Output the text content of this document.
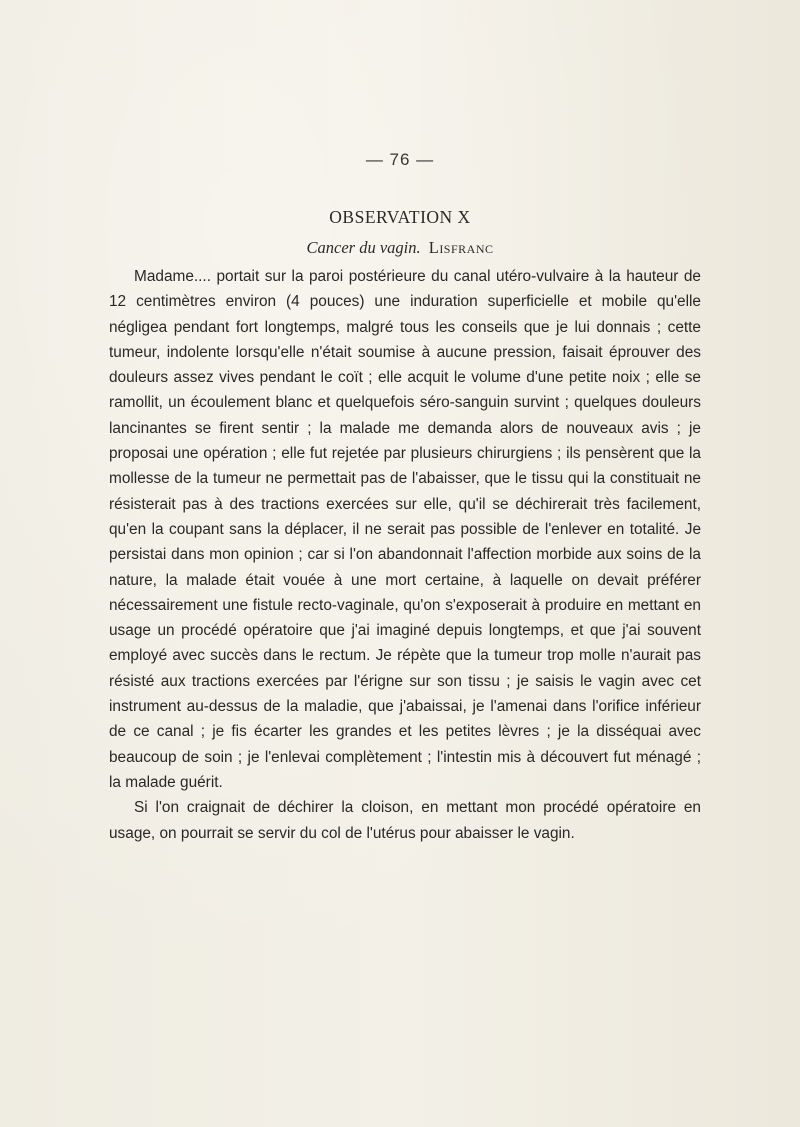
— 76 —
OBSERVATION X
Cancer du vagin. Lisfranc

Madame.... portait sur la paroi postérieure du canal utéro-vulvaire à la hauteur de 12 centimètres environ (4 pouces) une induration superficielle et mobile qu'elle négligea pendant fort longtemps, malgré tous les conseils que je lui donnais ; cette tumeur, indolente lorsqu'elle n'était soumise à aucune pression, faisait éprouver des douleurs assez vives pendant le coït ; elle acquit le volume d'une petite noix ; elle se ramollit, un écoulement blanc et quelquefois séro-sanguin survint ; quelques douleurs lancinantes se firent sentir ; la malade me demanda alors de nouveaux avis ; je proposai une opération ; elle fut rejetée par plusieurs chirurgiens ; ils pensèrent que la mollesse de la tumeur ne permettait pas de l'abaisser, que le tissu qui la constituait ne résisterait pas à des tractions exercées sur elle, qu'il se déchirerait très facilement, qu'en la coupant sans la déplacer, il ne serait pas possible de l'enlever en totalité. Je persistai dans mon opinion ; car si l'on abandonnait l'affection morbide aux soins de la nature, la malade était vouée à une mort certaine, à laquelle on devait préférer nécessairement une fistule recto-vaginale, qu'on s'exposerait à produire en mettant en usage un procédé opératoire que j'ai imaginé depuis longtemps, et que j'ai souvent employé avec succès dans le rectum. Je répète que la tumeur trop molle n'aurait pas résisté aux tractions exercées par l'érigne sur son tissu ; je saisis le vagin avec cet instrument au-dessus de la maladie, que j'abaissai, je l'amenai dans l'orifice inférieur de ce canal ; je fis écarter les grandes et les petites lèvres ; je la disséquai avec beaucoup de soin ; je l'enlevai complètement ; l'intestin mis à découvert fut ménagé ; la malade guérit.

Si l'on craignait de déchirer la cloison, en mettant mon procédé opératoire en usage, on pourrait se servir du col de l'utérus pour abaisser le vagin.
